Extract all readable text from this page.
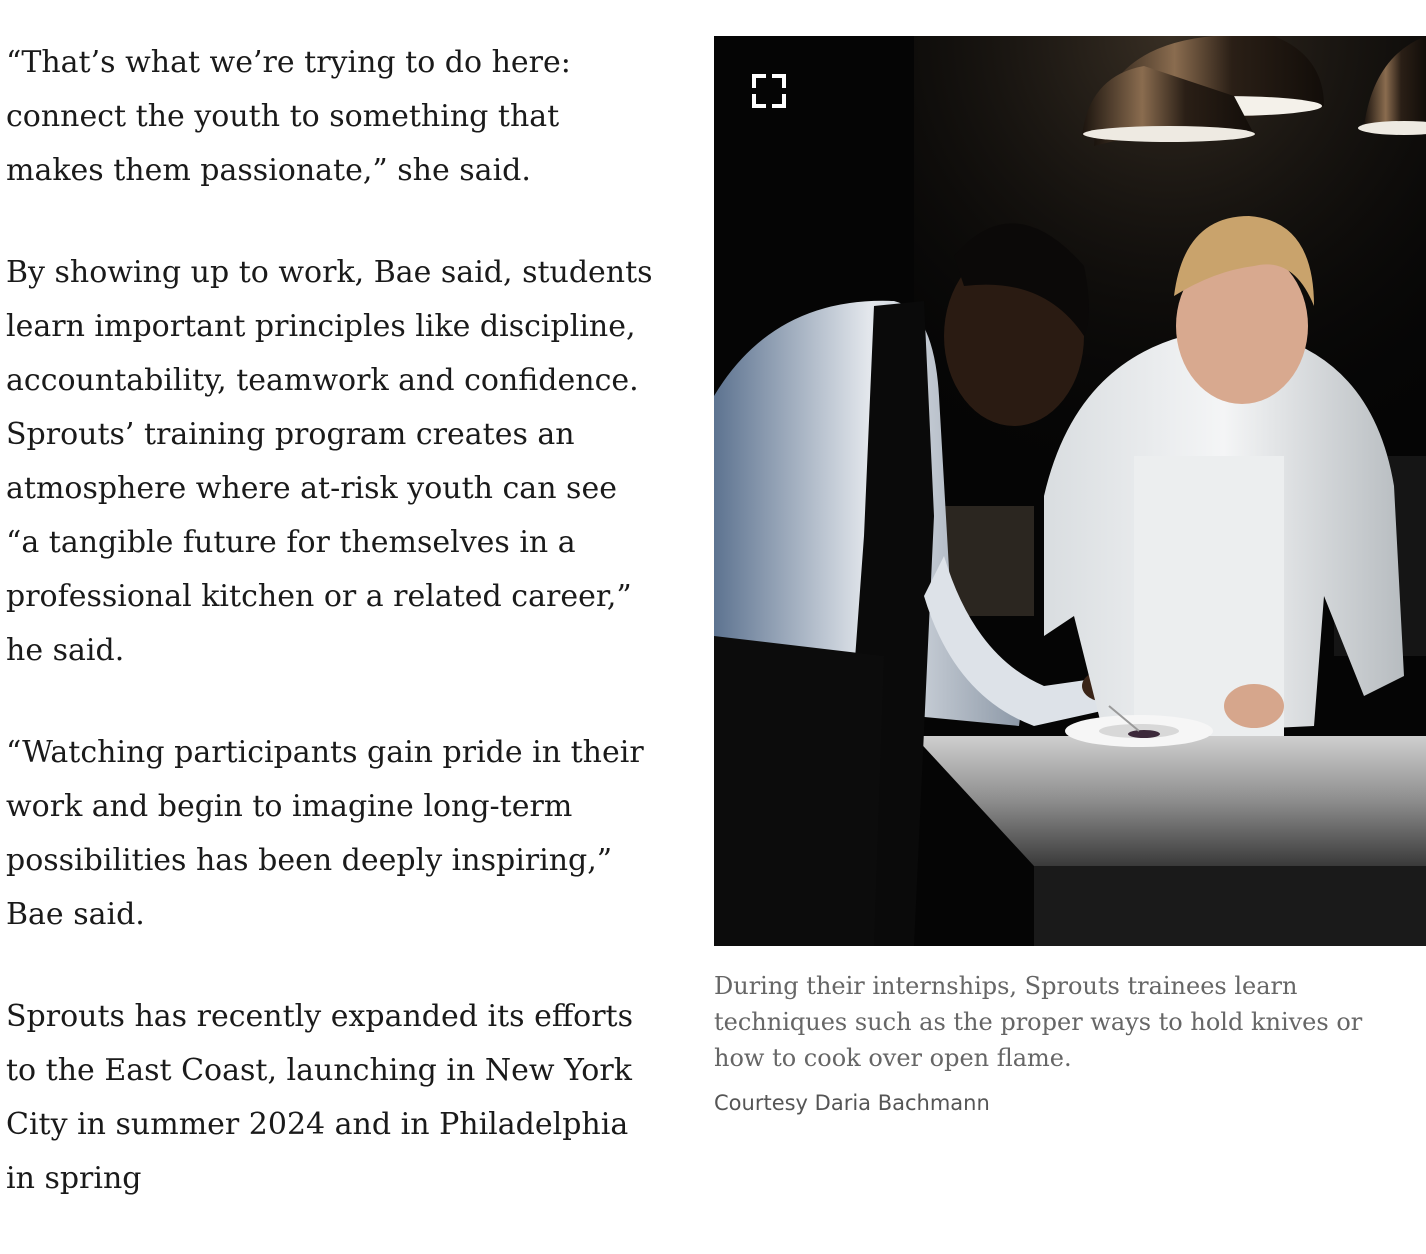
“That’s what we’re trying to do here: connect the youth to something that makes them passionate,” she said.

By showing up to work, Bae said, students learn important principles like discipline, accountability, teamwork and confidence. Sprouts’ training program creates an atmosphere where at-risk youth can see “a tangible future for themselves in a professional kitchen or a related career,” he said.

“Watching participants gain pride in their work and begin to imagine long-term possibilities has been deeply inspiring,” Bae said.

Sprouts has recently expanded its efforts to the East Coast, launching in New York City in summer 2024 and in Philadelphia in spring

During their internships, Sprouts trainees learn techniques such as the proper ways to hold knives or how to cook over open flame.
Courtesy Daria Bachmann
